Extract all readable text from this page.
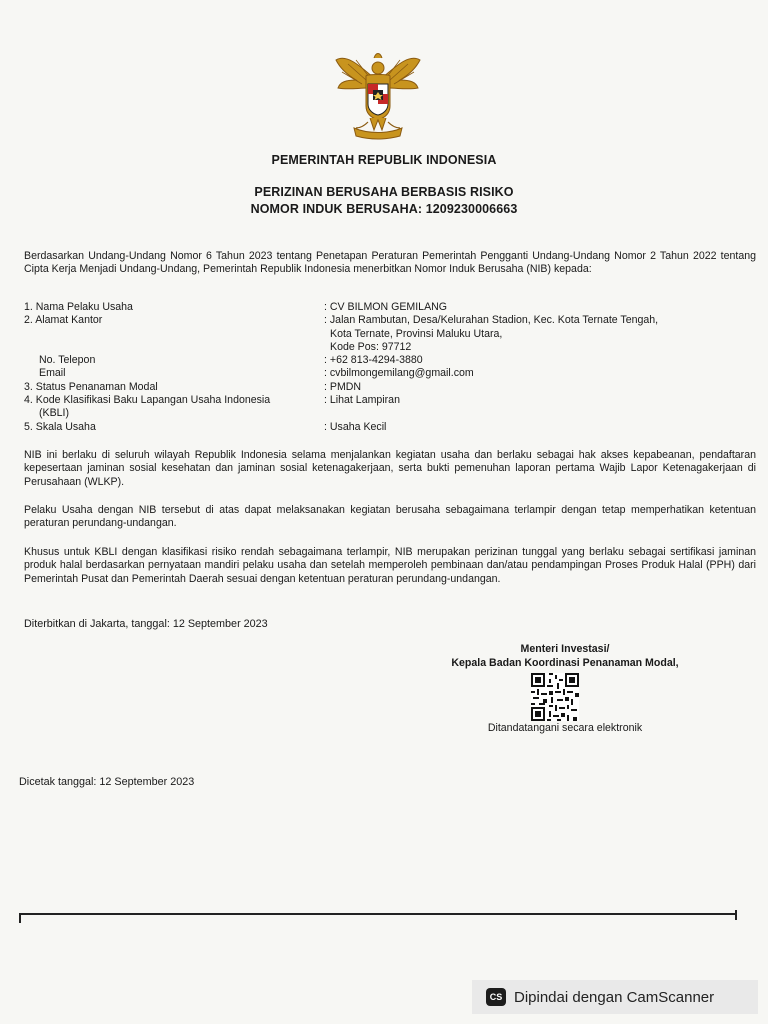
PEMERINTAH REPUBLIK INDONESIA
PERIZINAN BERUSAHA BERBASIS RISIKO
NOMOR INDUK BERUSAHA: 1209230006663
Berdasarkan Undang-Undang Nomor 6 Tahun 2023 tentang Penetapan Peraturan Pemerintah Pengganti Undang-Undang Nomor 2 Tahun 2022 tentang Cipta Kerja Menjadi Undang-Undang, Pemerintah Republik Indonesia menerbitkan Nomor Induk Berusaha (NIB) kepada:
1. Nama Pelaku Usaha	: CV BILMON GEMILANG
2. Alamat Kantor	: Jalan Rambutan, Desa/Kelurahan Stadion, Kec. Kota Ternate Tengah,
Kota Ternate, Provinsi Maluku Utara,
Kode Pos: 97712
No. Telepon	: +62 813-4294-3880
Email	: cvbilmongemilang@gmail.com
3. Status Penanaman Modal	: PMDN
4. Kode Klasifikasi Baku Lapangan Usaha Indonesia	: Lihat Lampiran
(KBLI)
5. Skala Usaha	: Usaha Kecil
NIB ini berlaku di seluruh wilayah Republik Indonesia selama menjalankan kegiatan usaha dan berlaku sebagai hak akses kepabeanan, pendaftaran kepesertaan jaminan sosial kesehatan dan jaminan sosial ketenagakerjaan, serta bukti pemenuhan laporan pertama Wajib Lapor Ketenagakerjaan di Perusahaan (WLKP).
Pelaku Usaha dengan NIB tersebut di atas dapat melaksanakan kegiatan berusaha sebagaimana terlampir dengan tetap memperhatikan ketentuan peraturan perundang-undangan.
Khusus untuk KBLI dengan klasifikasi risiko rendah sebagaimana terlampir, NIB merupakan perizinan tunggal yang berlaku sebagai sertifikasi jaminan produk halal berdasarkan pernyataan mandiri pelaku usaha dan setelah memperoleh pembinaan dan/atau pendampingan Proses Produk Halal (PPH) dari Pemerintah Pusat dan Pemerintah Daerah sesuai dengan ketentuan peraturan perundang-undangan.
Diterbitkan di Jakarta, tanggal: 12 September 2023
Menteri Investasi/
Kepala Badan Koordinasi Penanaman Modal,
Ditandatangani secara elektronik
Dicetak tanggal: 12 September 2023
CS Dipindai dengan CamScanner
